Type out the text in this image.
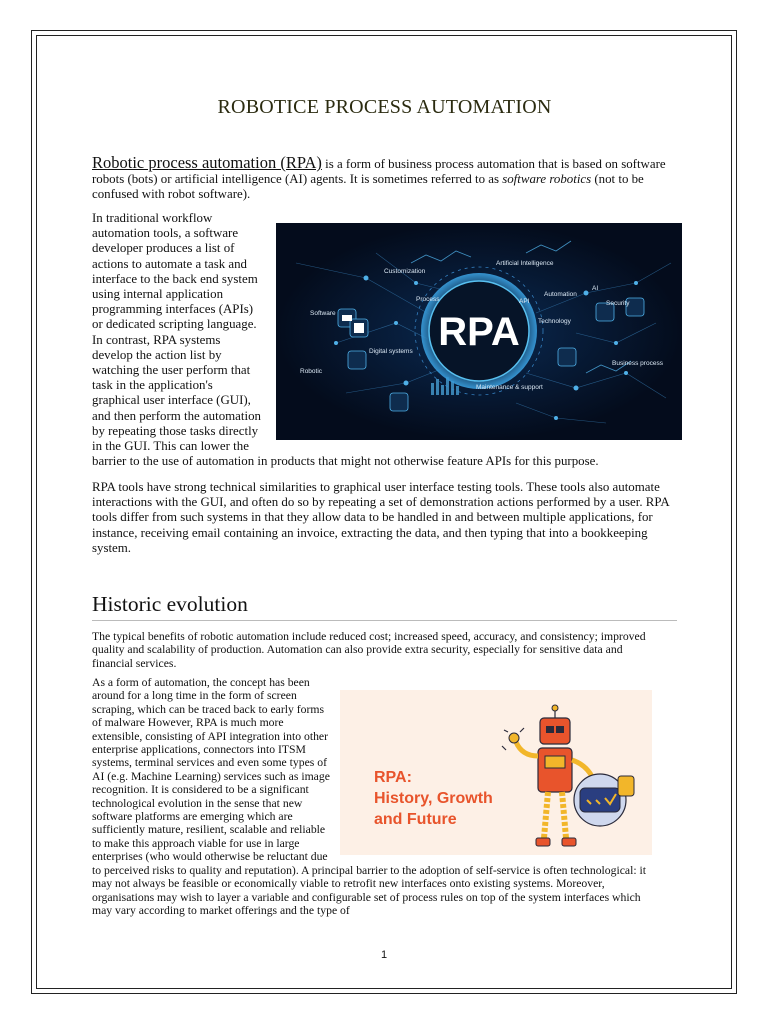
ROBOTICE PROCESS AUTOMATION

Robotic process automation (RPA) is a form of business process automation that is based on software robots (bots) or artificial intelligence (AI) agents. It is sometimes referred to as software robotics (not to be confused with robot software).

RPA
Customization
Artificial Intelligence
Process	API
Automation
AI
Security
Software
Technology
Digital systems
Robotic
Business process
Maintenance & support

In traditional workflow automation tools, a software developer produces a list of actions to automate a task and interface to the back end system using internal application programming interfaces (APIs) or dedicated scripting language. In contrast, RPA systems develop the action list by watching the user perform that task in the application's graphical user interface (GUI), and then perform the automation by repeating those tasks directly in the GUI. This can lower the barrier to the use of automation in products that might not otherwise feature APIs for this purpose.

RPA tools have strong technical similarities to graphical user interface testing tools. These tools also automate interactions with the GUI, and often do so by repeating a set of demonstration actions performed by a user. RPA tools differ from such systems in that they allow data to be handled in and between multiple applications, for instance, receiving email containing an invoice, extracting the data, and then typing that into a bookkeeping system.

Historic evolution

The typical benefits of robotic automation include reduced cost; increased speed, accuracy, and consistency; improved quality and scalability of production. Automation can also provide extra security, especially for sensitive data and financial services.

RPA:
History, Growth
and Future

As a form of automation, the concept has been around for a long time in the form of screen scraping, which can be traced back to early forms of malware However, RPA is much more extensible, consisting of API integration into other enterprise applications, connectors into ITSM systems, terminal services and even some types of AI (e.g. Machine Learning) services such as image recognition. It is considered to be a significant technological evolution in the sense that new software platforms are emerging which are sufficiently mature, resilient, scalable and reliable to make this approach viable for use in large enterprises (who would otherwise be reluctant due to perceived risks to quality and reputation). A principal barrier to the adoption of self-service is often technological: it may not always be feasible or economically viable to retrofit new interfaces onto existing systems. Moreover, organisations may wish to layer a variable and configurable set of process rules on top of the system interfaces which may vary according to market offerings and the type of

1
